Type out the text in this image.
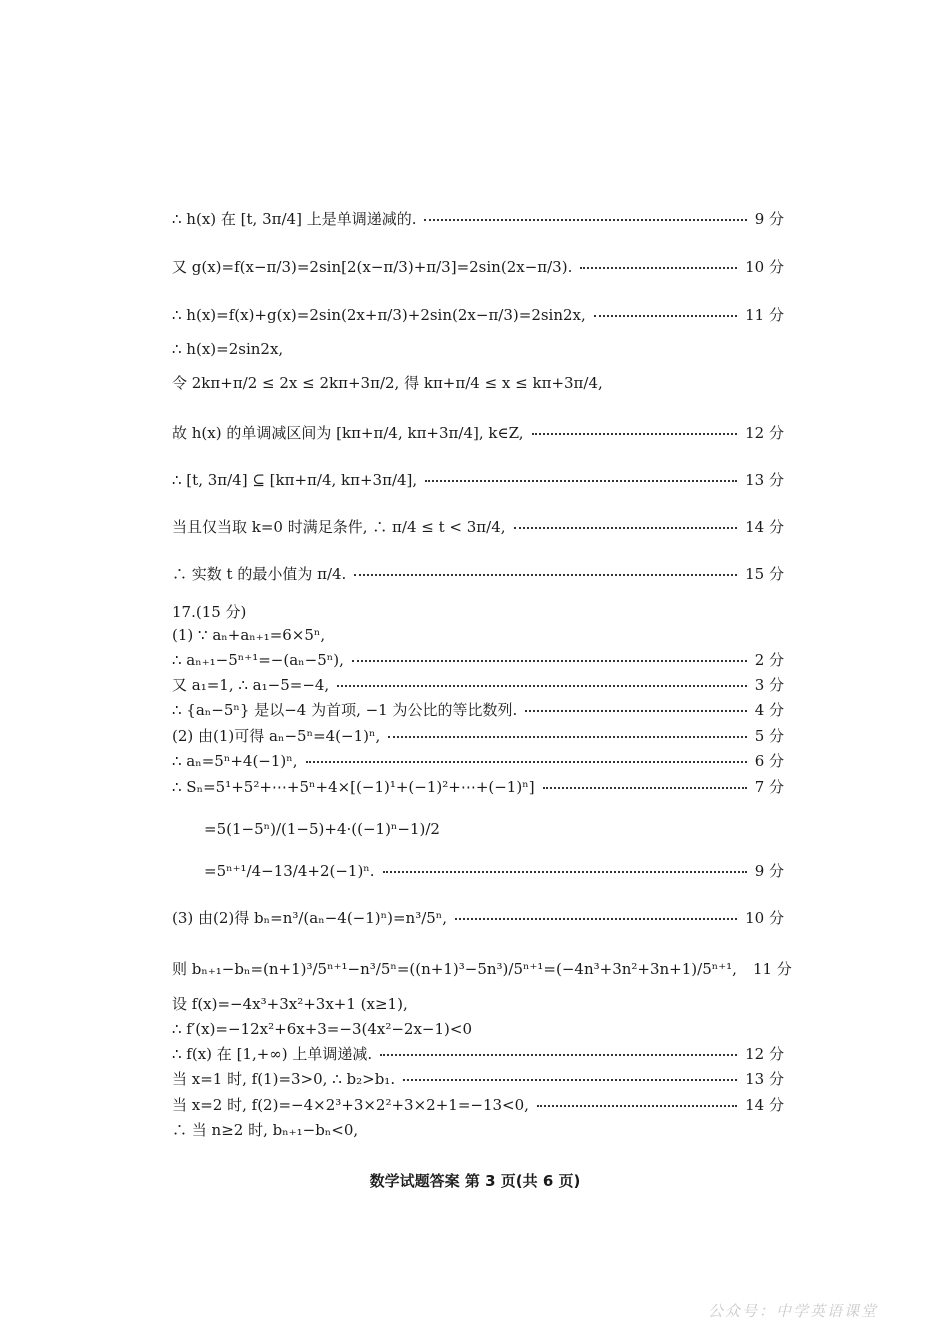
∴ h(x) 在 [t, 3π/4] 上是单调递减的.	9 分
又 g(x)=f(x−π/3)=2sin[2(x−π/3)+π/3]=2sin(2x−π/3).	10 分
∴ h(x)=f(x)+g(x)=2sin(2x+π/3)+2sin(2x−π/3)=2sin2x,	11 分
∴ h(x)=2sin2x,
令 2kπ+π/2 ≤ 2x ≤ 2kπ+3π/2, 得 kπ+π/4 ≤ x ≤ kπ+3π/4,
故 h(x) 的单调减区间为 [kπ+π/4, kπ+3π/4], k∈Z,	12 分
∴ [t, 3π/4] ⊆ [kπ+π/4, kπ+3π/4],	13 分
当且仅当取 k=0 时满足条件, ∴ π/4 ≤ t < 3π/4,	14 分
∴ 实数 t 的最小值为 π/4.	15 分
17.(15 分)
(1) ∵ aₙ+aₙ₊₁=6×5ⁿ,
∴ aₙ₊₁−5ⁿ⁺¹=−(aₙ−5ⁿ),	2 分
又 a₁=1, ∴ a₁−5=−4,	3 分
∴ {aₙ−5ⁿ} 是以−4 为首项, −1 为公比的等比数列.	4 分
(2) 由(1)可得 aₙ−5ⁿ=4(−1)ⁿ,	5 分
∴ aₙ=5ⁿ+4(−1)ⁿ,	6 分
∴ Sₙ=5¹+5²+⋯+5ⁿ+4×[(−1)¹+(−1)²+⋯+(−1)ⁿ]	7 分
=5(1−5ⁿ)/(1−5)+4·((−1)ⁿ−1)/2
=5ⁿ⁺¹/4−13/4+2(−1)ⁿ.	9 分
(3) 由(2)得 bₙ=n³/(aₙ−4(−1)ⁿ)=n³/5ⁿ,	10 分
则 bₙ₊₁−bₙ=(n+1)³/5ⁿ⁺¹−n³/5ⁿ=((n+1)³−5n³)/5ⁿ⁺¹=(−4n³+3n²+3n+1)/5ⁿ⁺¹, 11 分
设 f(x)=−4x³+3x²+3x+1 (x≥1),
∴ f′(x)=−12x²+6x+3=−3(4x²−2x−1)<0
∴ f(x) 在 [1,+∞) 上单调递减.	12 分
当 x=1 时, f(1)=3>0, ∴ b₂>b₁.	13 分
当 x=2 时, f(2)=−4×2³+3×2²+3×2+1=−13<0,	14 分
∴ 当 n≥2 时, bₙ₊₁−bₙ<0,
数学试题答案 第 3 页(共 6 页)
公众号：中学英语课堂
